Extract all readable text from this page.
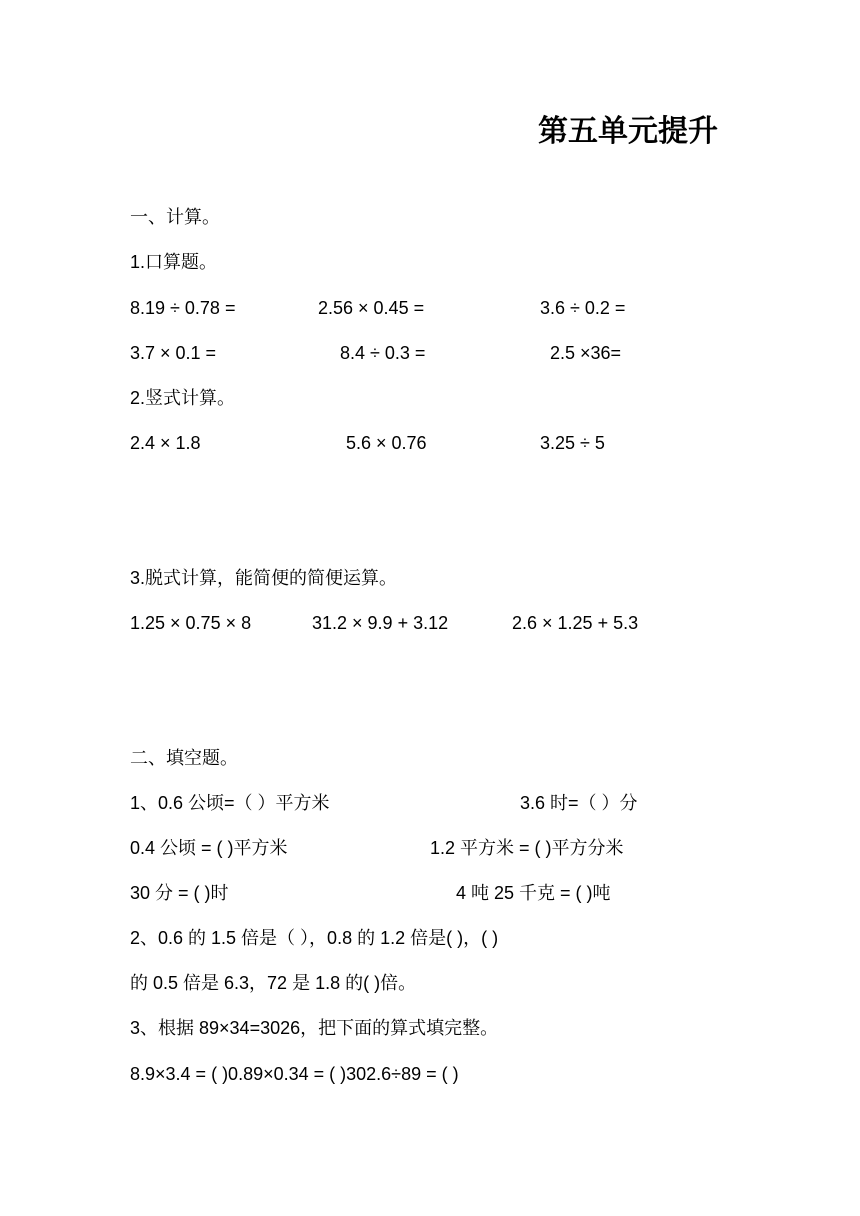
第五单元提升
一、计算。
1.口算题。
8.19 ÷ 0.78 =	2.56 × 0.45 =	3.6 ÷ 0.2 =
3.7 × 0.1 =	8.4 ÷ 0.3 =	2.5 ×36=
2.竖式计算。
2.4 × 1.8	5.6 × 0.76	3.25 ÷ 5
3.脱式计算，能简便的简便运算。
1.25 × 0.75 × 8	31.2 × 9.9 + 3.12	2.6 × 1.25 + 5.3
二、填空题。
1、0.6 公顷=（ ）平方米	3.6 时=（ ）分
0.4 公顷 = ( )平方米	1.2 平方米 = ( )平方分米
30 分 = ( )时	4 吨 25 千克 = ( )吨
2、0.6 的 1.5 倍是（ ），0.8 的 1.2 倍是( )，( )
的 0.5 倍是 6.3，72 是 1.8 的( )倍。
3、根据 89×34=3026，把下面的算式填完整。
8.9×3.4 = ( )0.89×0.34 = ( )302.6÷89 = ( )
